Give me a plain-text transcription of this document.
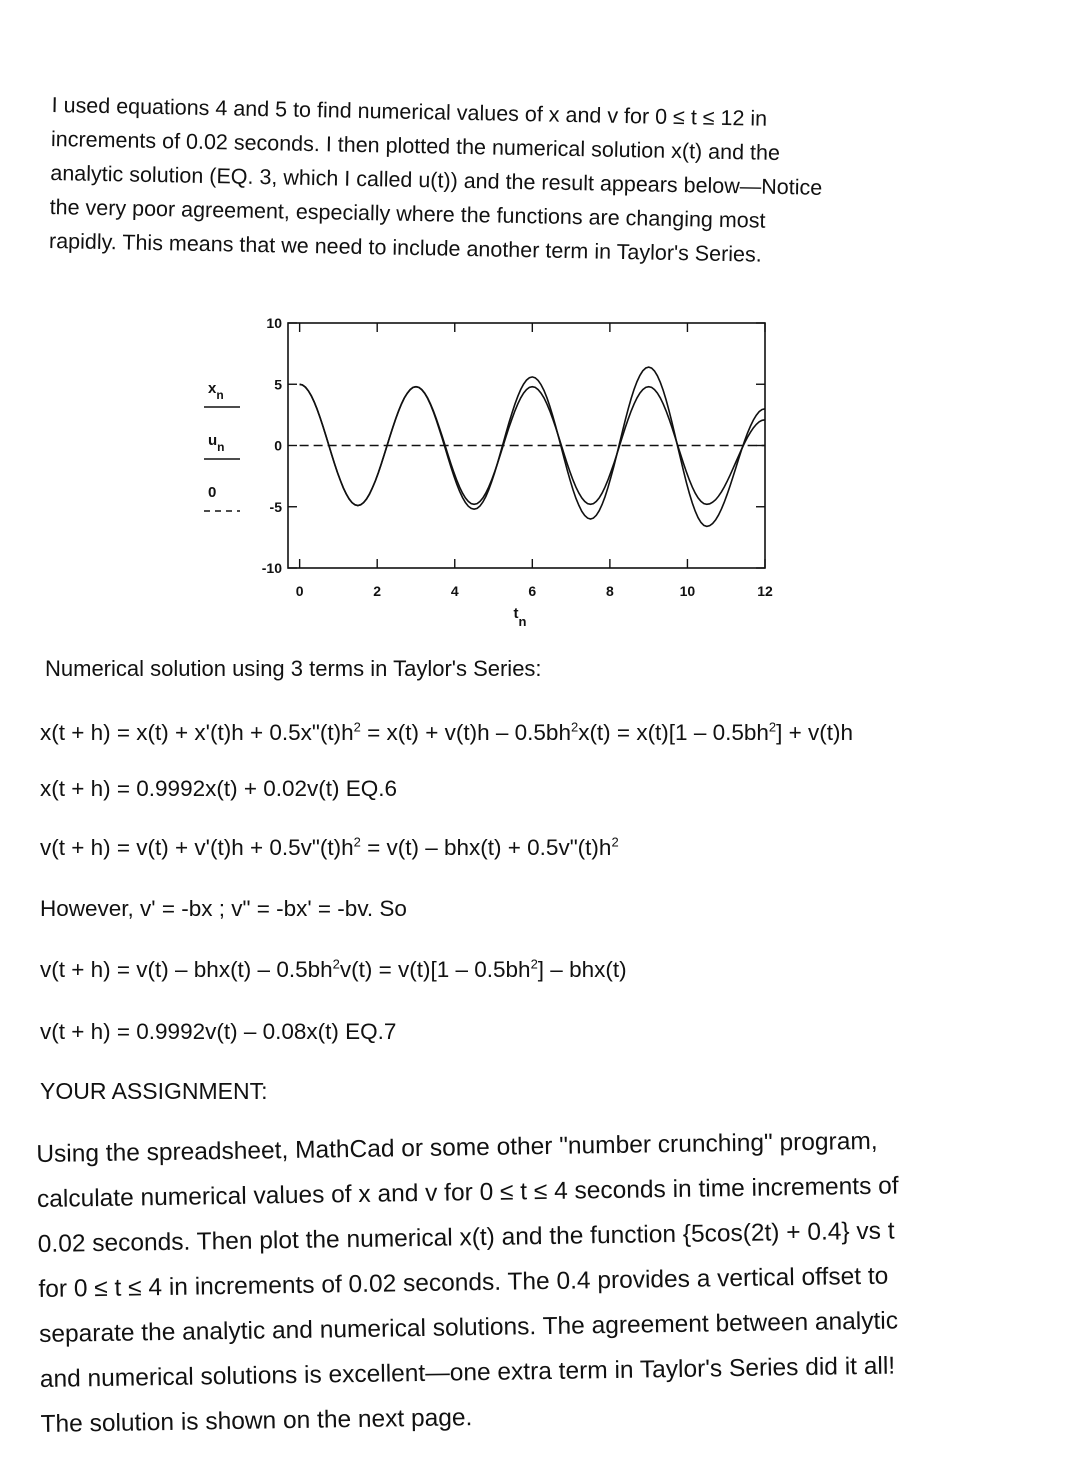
I used equations 4 and 5 to find numerical values of x and v for 0 ≤ t ≤ 12 in

increments of 0.02 seconds. I then plotted the numerical solution x(t) and the

analytic solution (EQ. 3, which I called u(t)) and the result appears below—Notice

the very poor agreement, especially where the functions are changing most

rapidly. This means that we need to include another term in Taylor's Series.

$x_n$
$u_n$
0
10
5
0
-5
-10
0	2	4	6	8	10	12
tn
Numerical solution using 3 terms in Taylor's Series:
$x(t + h) = x(t) + x'(t)h + 0.5x"(t)h^2 = x(t) + v(t)h - 0.5bh^2x(t) = x(t)[1 - 0.5bh^2] + v(t)h$
x(t + h) = 0.9992x(t) + 0.02v(t) EQ.6
$v(t + h) = v(t) + v'(t)h + 0.5v"(t)h^2 = v(t) - bhx(t)$ + $0.5v"(t)h^2$
However, v' = -bx ; v" = -bx' = -bv. So
$v(t + h) = v(t) - bhx(t) - 0.5bh^2v(t) = v(t)[1 - 0.5bh^2] - bhx(t)$
v(t + h) = 0.9992v(t) – 0.08x(t) EQ.7
YOUR ASSIGNMENT:

Using the spreadsheet, MathCad or some other "number crunching" program,

calculate numerical values of x and v for 0 ≤ t ≤ 4 seconds in time increments of

0.02 seconds. Then plot the numerical x(t) and the function {5cos(2t) + 0.4} vs t

for 0 ≤ t ≤ 4 in increments of 0.02 seconds. The 0.4 provides a vertical offset to

separate the analytic and numerical solutions. The agreement between analytic

and numerical solutions is excellent—one extra term in Taylor's Series did it all!

The solution is shown on the next page.
